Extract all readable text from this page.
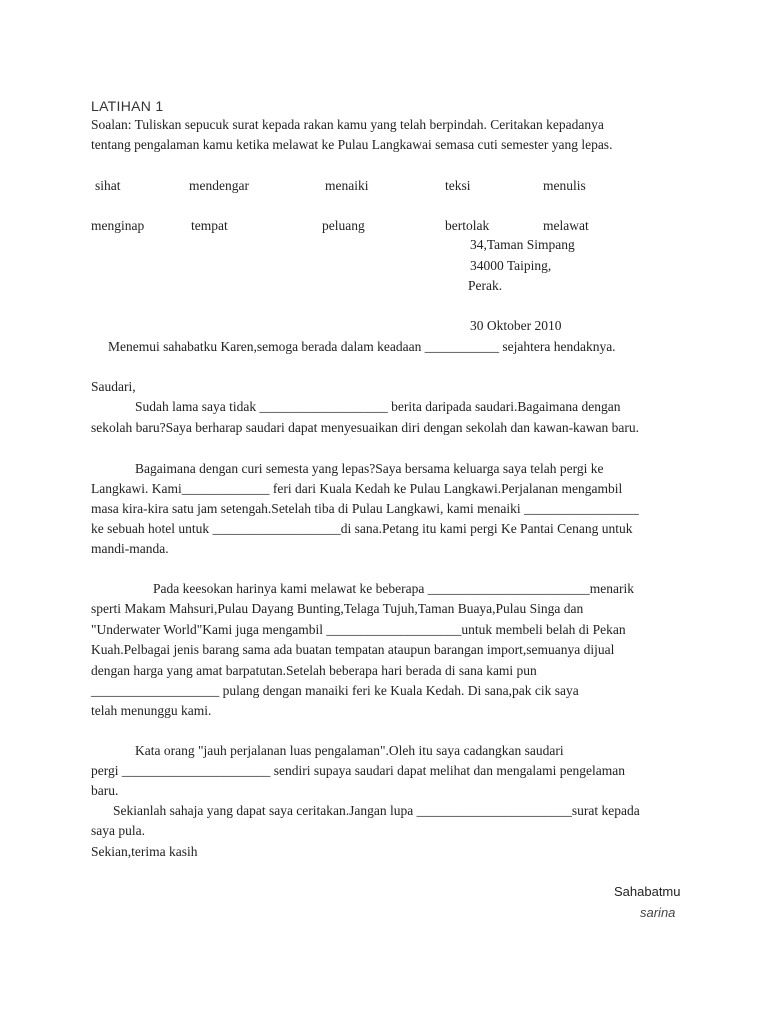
LATIHAN 1
Soalan: Tuliskan sepucuk surat kepada rakan kamu yang telah berpindah. Ceritakan kepadanya
tentang pengalaman kamu ketika melawat ke Pulau Langkawai semasa cuti semester yang lepas.
sihat	mendengar	menaiki	teksi	menulis
menginap	tempat	peluang	bertolak	melawat
34,Taman Simpang
34000 Taiping,
Perak.
30 Oktober 2010
Menemui sahabatku Karen,semoga berada dalam keadaan ___________ sejahtera hendaknya.
Saudari,
Sudah lama saya tidak ___________________ berita daripada saudari.Bagaimana dengan
sekolah baru?Saya berharap saudari dapat menyesuaikan diri dengan sekolah dan kawan-kawan baru.
Bagaimana dengan curi semesta yang lepas?Saya bersama keluarga saya telah pergi ke
Langkawi. Kami_____________ feri dari Kuala Kedah ke Pulau Langkawi.Perjalanan mengambil
masa kira-kira satu jam setengah.Setelah tiba di Pulau Langkawi, kami menaiki _________________
ke sebuah hotel untuk ___________________di sana.Petang itu kami pergi Ke Pantai Cenang untuk
mandi-manda.
Pada keesokan harinya kami melawat ke beberapa ________________________menarik
sperti Makam Mahsuri,Pulau Dayang Bunting,Telaga Tujuh,Taman Buaya,Pulau Singa dan
"Underwater World"Kami juga mengambil ____________________untuk membeli belah di Pekan
Kuah.Pelbagai jenis barang sama ada buatan tempatan ataupun barangan import,semuanya dijual
dengan harga yang amat barpatutan.Setelah beberapa hari berada di sana kami pun
___________________ pulang dengan manaiki feri ke Kuala Kedah. Di sana,pak cik saya
telah menunggu kami.
Kata orang "jauh perjalanan luas pengalaman".Oleh itu saya cadangkan saudari
pergi ______________________ sendiri supaya saudari dapat melihat dan mengalami pengelaman
baru.
Sekianlah sahaja yang dapat saya ceritakan.Jangan lupa _______________________surat kepada
saya pula.
Sekian,terima kasih
Sahabatmu
sarina
